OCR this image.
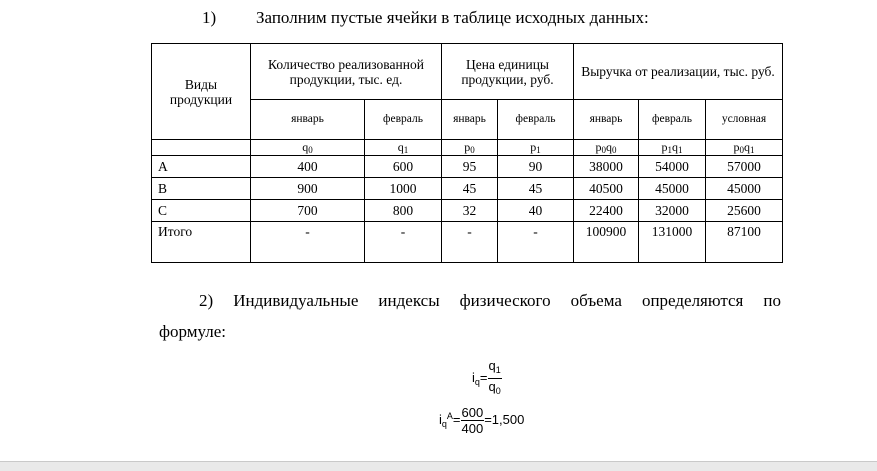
1) Заполним пустые ячейки в таблице исходных данных:
Виды продукции	Количество реализованной продукции, тыс. ед.		Цена единицы продукции, руб.		Выручка от реализации, тыс. руб.		
	январь	февраль	январь	февраль	январь	февраль	условная
	$q_0$	$q_1$	$p_0$	$p_1$	$p_0q_0$	$p_1q_1$	$p_0q_1$
А	400	600	95	90	38000	54000	57000
В	900	1000	45	45	40500	45000	45000
С	700	800	32	40	22400	32000	25600
Итого	-	-	-	-	100900	131000	87100
2) Индивидуальные индексы физического объема определяются по
формуле:
$i_q= \frac{q_1}{q_0}$
$i_q^A= \frac{600}{400} =1,500$
